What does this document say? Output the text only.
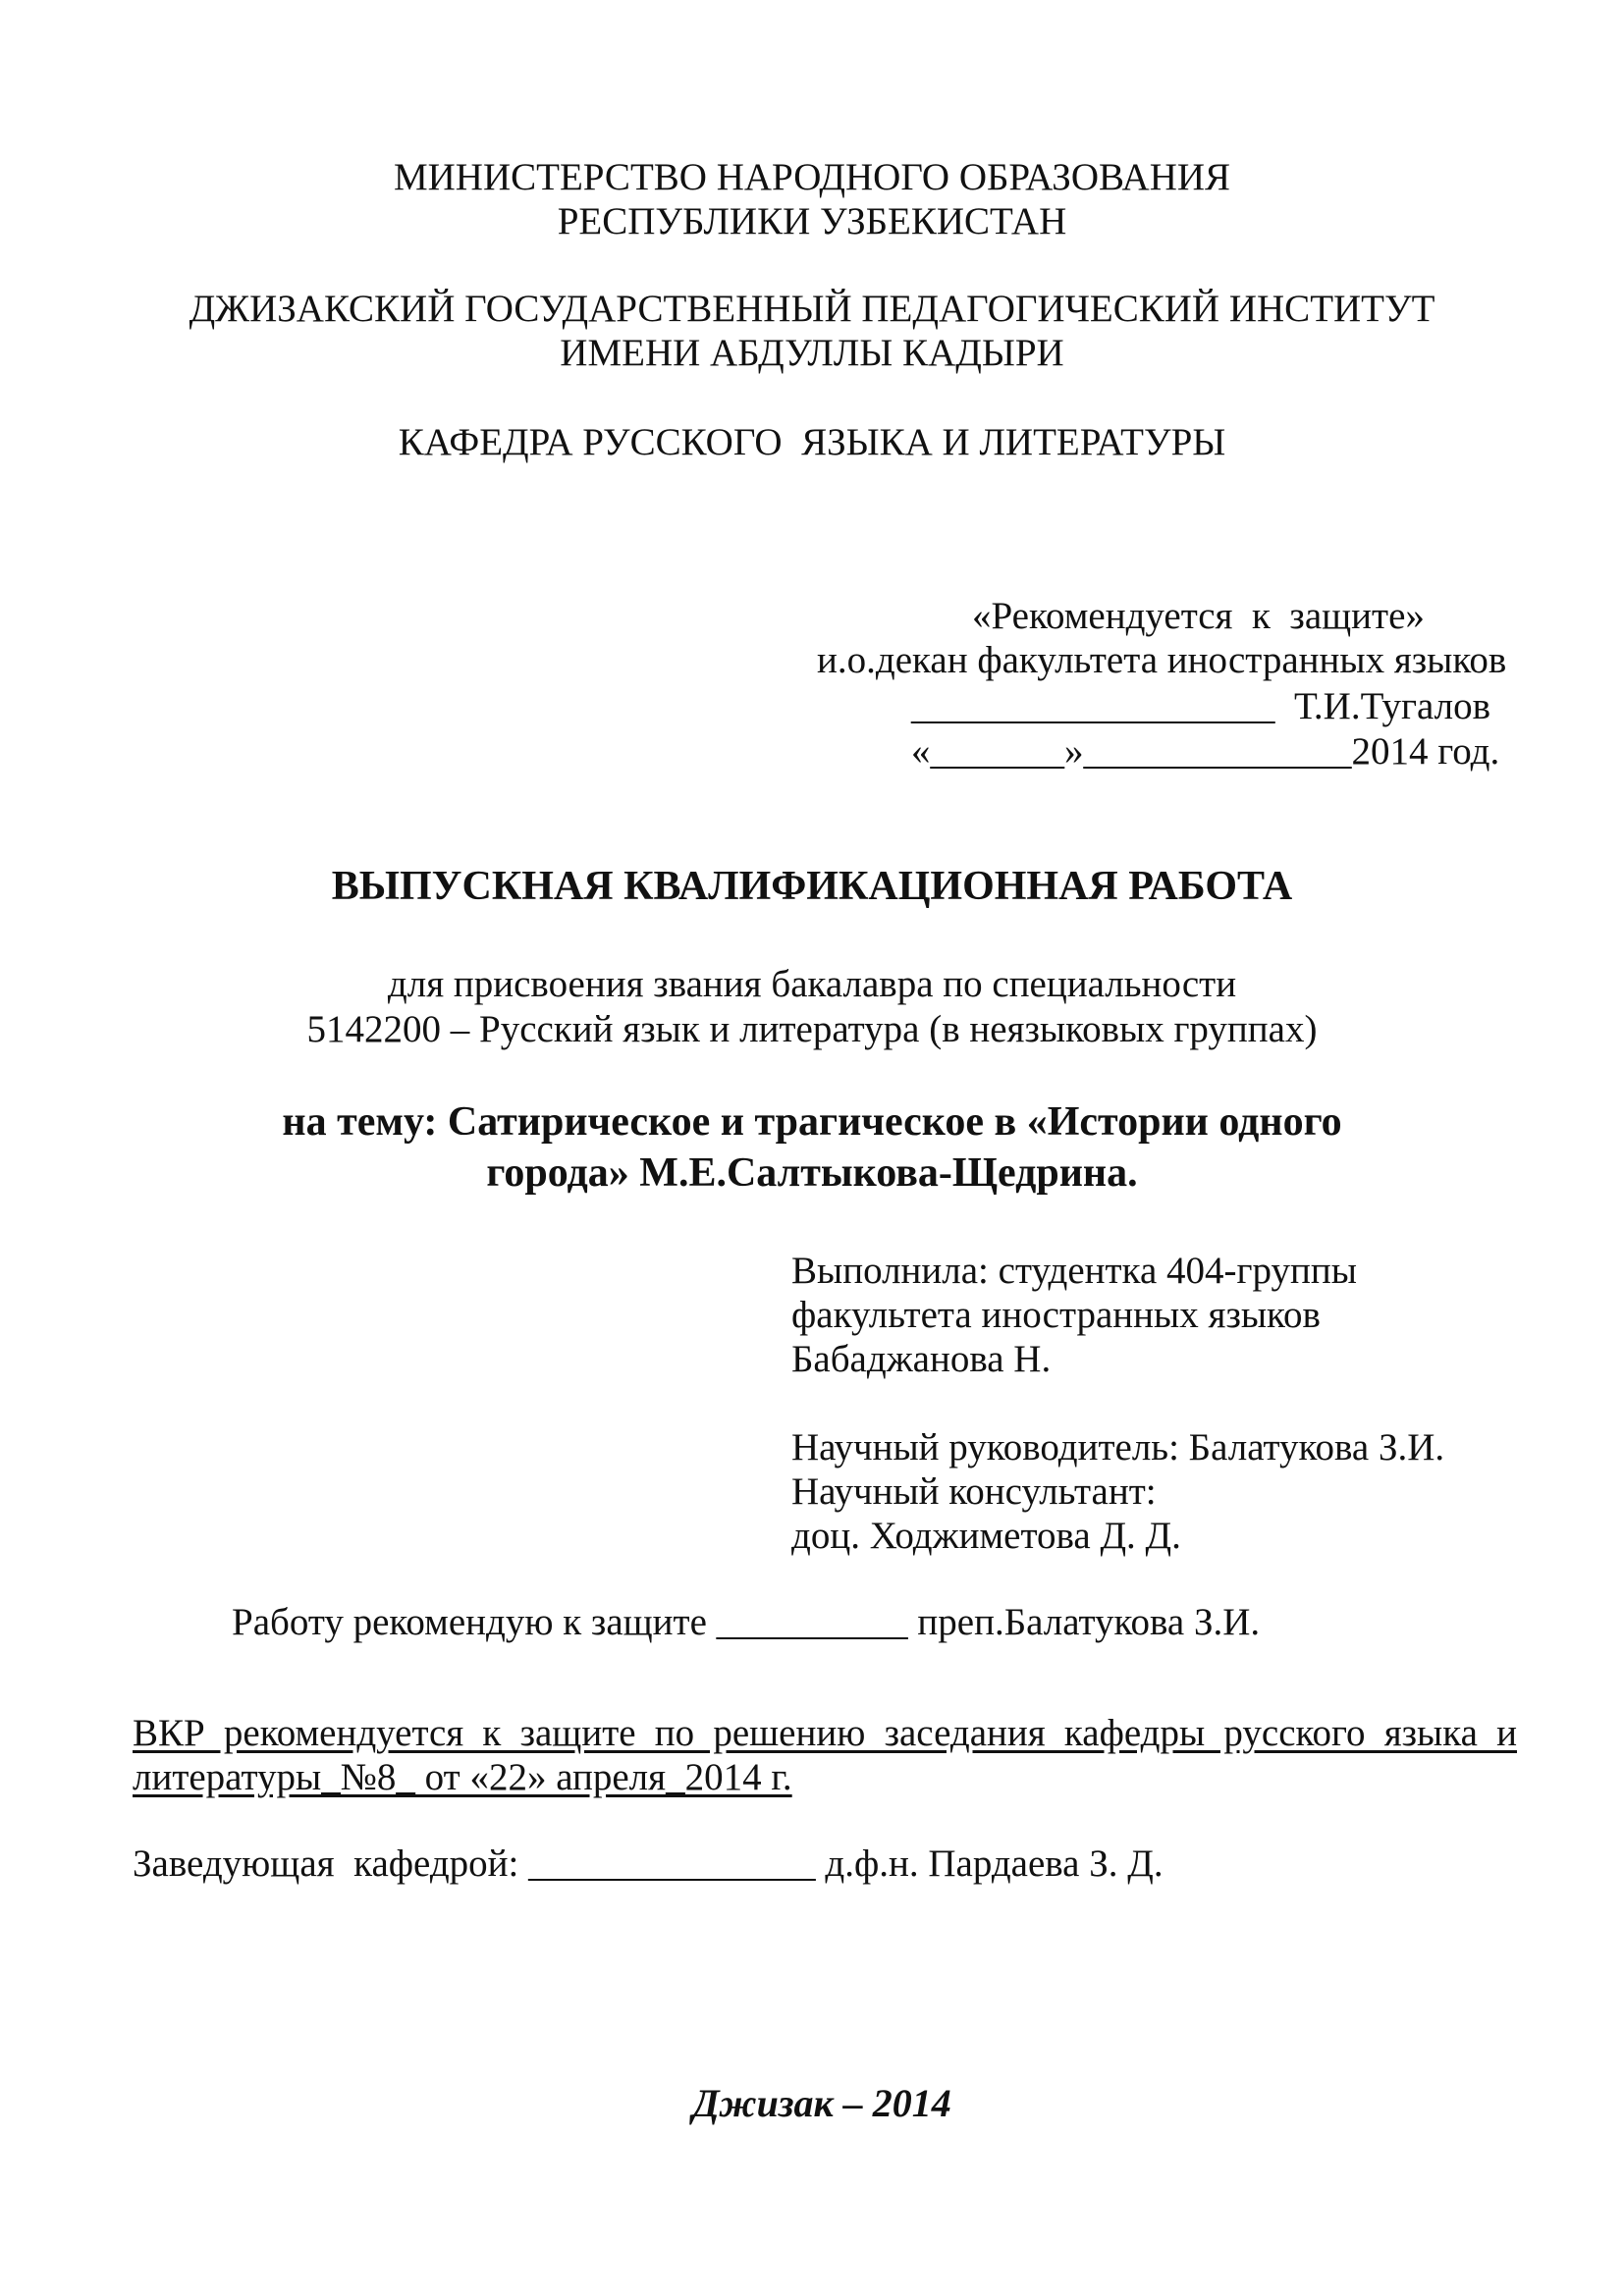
МИНИСТЕРСТВО НАРОДНОГО ОБРАЗОВАНИЯ
РЕСПУБЛИКИ УЗБЕКИСТАН
ДЖИЗАКСКИЙ ГОСУДАРСТВЕННЫЙ ПЕДАГОГИЧЕСКИЙ ИНСТИТУТ
ИМЕНИ АБДУЛЛЫ КАДЫРИ
КАФЕДРА РУССКОГО  ЯЗЫКА И ЛИТЕРАТУРЫ
«Рекомендуется  к  защите»
и.о.декан факультета иностранных языков
___________________  Т.И.Тугалов
«_______»______________2014 год.
ВЫПУСКНАЯ КВАЛИФИКАЦИОННАЯ РАБОТА
для присвоения звания бакалавра по специальности
5142200 – Русский язык и литература (в неязыковых группах)
на тему: Сатирическое и трагическое в «Истории одного
города» М.Е.Салтыкова-Щедрина.
Выполнила: студентка 404-группы
факультета иностранных языков
Бабаджанова Н.
Научный руководитель: Балатукова З.И.
Научный консультант:
доц. Ходжиметова Д. Д.
Работу рекомендую к защите __________ преп.Балатукова З.И.
ВКР рекомендуется к защите по решению заседания кафедры русского языка и
литературы_№8_ от «22» апреля_2014 г.
Заведующая  кафедрой: _______________ д.ф.н. Пардаева З. Д.
Джизак – 2014
